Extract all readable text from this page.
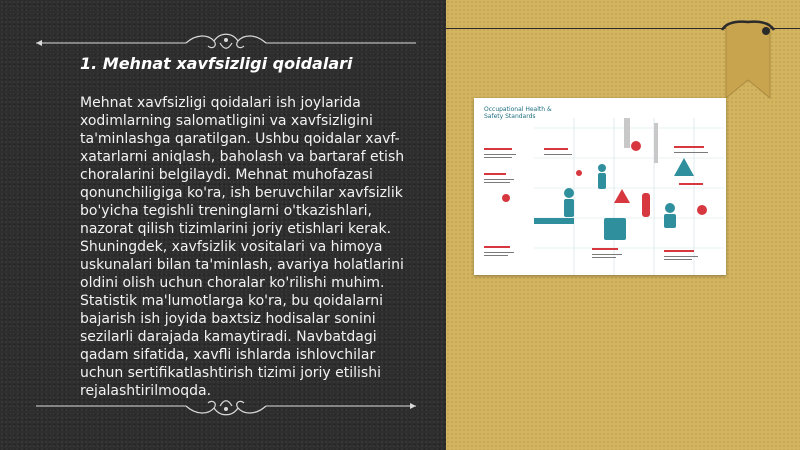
1. Mehnat xavfsizligi qoidalari

Mehnat xavfsizligi qoidalari ish joylarida xodimlarning salomatligini va xavfsizligini ta'minlashga qaratilgan. Ushbu qoidalar xavf-xatarlarni aniqlash, baholash va bartaraf etish choralarini belgilaydi. Mehnat muhofazasi qonunchiligiga ko'ra, ish beruvchilar xavfsizlik bo'yicha tegishli treninglarni o'tkazishlari, nazorat qilish tizimlarini joriy etishlari kerak. Shuningdek, xavfsizlik vositalari va himoya uskunalari bilan ta'minlash, avariya holatlarini oldini olish uchun choralar ko'rilishi muhim. Statistik ma'lumotlarga ko'ra, bu qoidalarni bajarish ish joyida baxtsiz hodisalar sonini sezilarli darajada kamaytiradi. Navbatdagi qadam sifatida, xavfli ishlarda ishlovchilar uchun sertifikatlashtirish tizimi joriy etilishi rejalashtirilmoqda.

Occupational Health & Safety Standards
